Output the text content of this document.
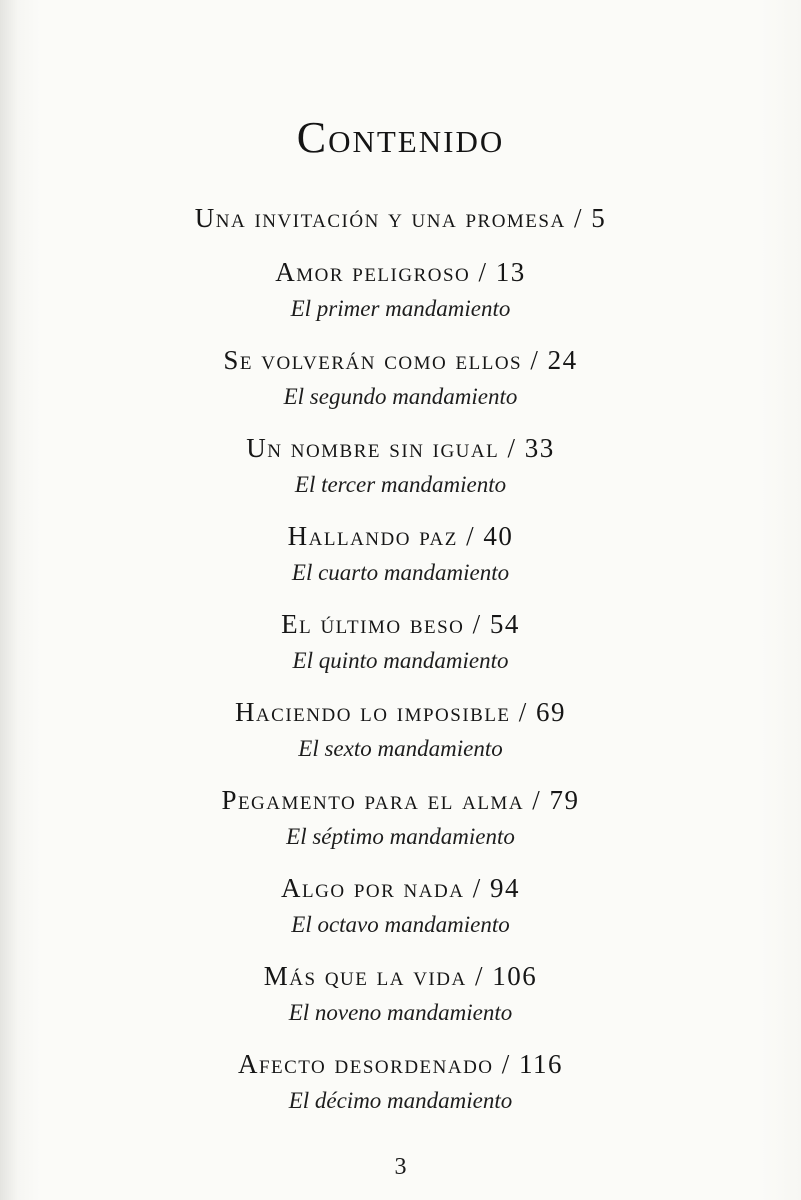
Contenido
Una invitación y una promesa / 5
Amor peligroso / 13
El primer mandamiento
Se volverán como ellos / 24
El segundo mandamiento
Un nombre sin igual / 33
El tercer mandamiento
Hallando paz / 40
El cuarto mandamiento
El último beso / 54
El quinto mandamiento
Haciendo lo imposible / 69
El sexto mandamiento
Pegamento para el alma / 79
El séptimo mandamiento
Algo por nada / 94
El octavo mandamiento
Más que la vida / 106
El noveno mandamiento
Afecto desordenado / 116
El décimo mandamiento
3
